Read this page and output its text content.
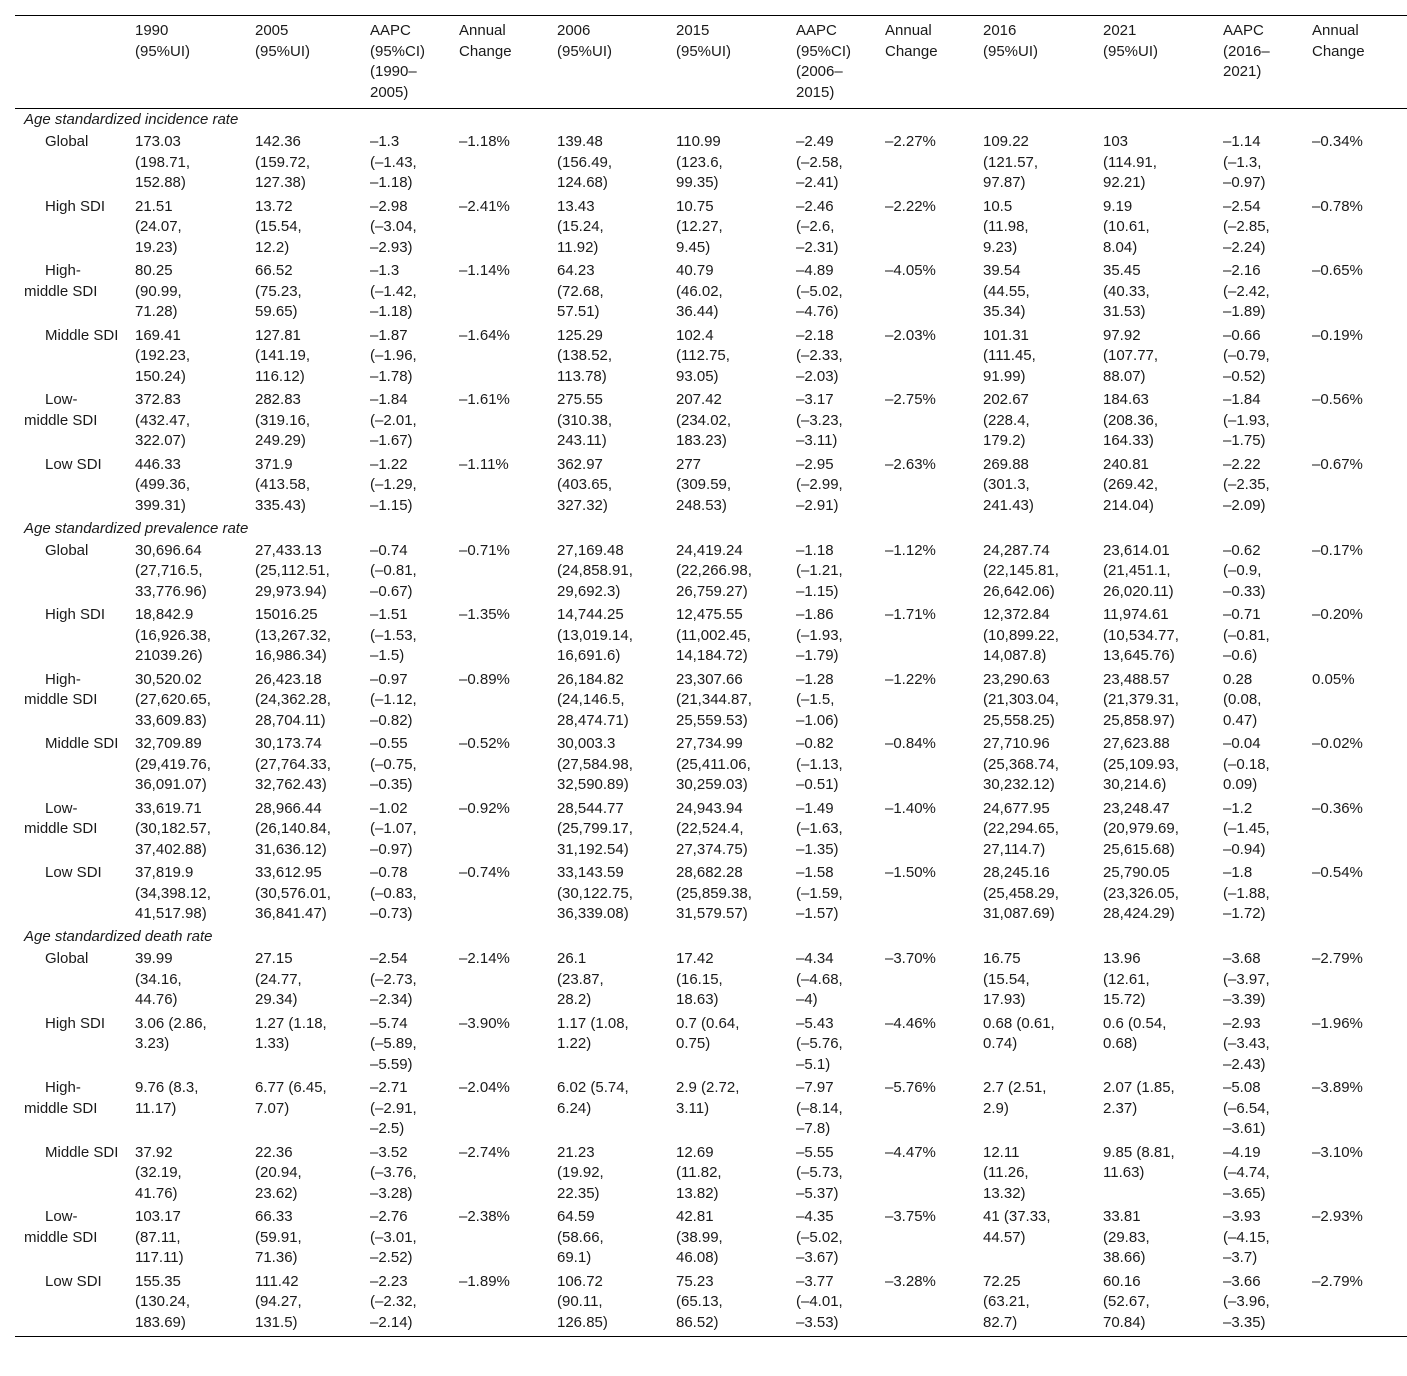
	1990
(95%UI)	2005
(95%UI)	AAPC
(95%CI)
(1990–
2005)	Annual
Change	2006
(95%UI)	2015
(95%UI)	AAPC
(95%CI)
(2006–
2015)	Annual
Change	2016
(95%UI)	2021
(95%UI)	AAPC
(2016–
2021)	Annual
Change
Age standardized incidence rate												
Global	173.03
(198.71,
152.88)	142.36
(159.72,
127.38)	–1.3
(–1.43,
–1.18)	–1.18%	139.48
(156.49,
124.68)	110.99
(123.6,
99.35)	–2.49
(–2.58,
–2.41)	–2.27%	109.22
(121.57,
97.87)	103
(114.91,
92.21)	–1.14
(–1.3,
–0.97)	–0.34%
High SDI	21.51
(24.07,
19.23)	13.72
(15.54,
12.2)	–2.98
(–3.04,
–2.93)	–2.41%	13.43
(15.24,
11.92)	10.75
(12.27,
9.45)	–2.46
(–2.6,
–2.31)	–2.22%	10.5
(11.98,
9.23)	9.19
(10.61,
8.04)	–2.54
(–2.85,
–2.24)	–0.78%
High-middle SDI	80.25
(90.99,
71.28)	66.52
(75.23,
59.65)	–1.3
(–1.42,
–1.18)	–1.14%	64.23
(72.68,
57.51)	40.79
(46.02,
36.44)	–4.89
(–5.02,
–4.76)	–4.05%	39.54
(44.55,
35.34)	35.45
(40.33,
31.53)	–2.16
(–2.42,
–1.89)	–0.65%
Middle SDI	169.41
(192.23,
150.24)	127.81
(141.19,
116.12)	–1.87
(–1.96,
–1.78)	–1.64%	125.29
(138.52,
113.78)	102.4
(112.75,
93.05)	–2.18
(–2.33,
–2.03)	–2.03%	101.31
(111.45,
91.99)	97.92
(107.77,
88.07)	–0.66
(–0.79,
–0.52)	–0.19%
Low-middle SDI	372.83
(432.47,
322.07)	282.83
(319.16,
249.29)	–1.84
(–2.01,
–1.67)	–1.61%	275.55
(310.38,
243.11)	207.42
(234.02,
183.23)	–3.17
(–3.23,
–3.11)	–2.75%	202.67
(228.4,
179.2)	184.63
(208.36,
164.33)	–1.84
(–1.93,
–1.75)	–0.56%
Low SDI	446.33
(499.36,
399.31)	371.9
(413.58,
335.43)	–1.22
(–1.29,
–1.15)	–1.11%	362.97
(403.65,
327.32)	277
(309.59,
248.53)	–2.95
(–2.99,
–2.91)	–2.63%	269.88
(301.3,
241.43)	240.81
(269.42,
214.04)	–2.22
(–2.35,
–2.09)	–0.67%
Age standardized prevalence rate												
Global	30,696.64
(27,716.5,
33,776.96)	27,433.13
(25,112.51,
29,973.94)	–0.74
(–0.81,
–0.67)	–0.71%	27,169.48
(24,858.91,
29,692.3)	24,419.24
(22,266.98,
26,759.27)	–1.18
(–1.21,
–1.15)	–1.12%	24,287.74
(22,145.81,
26,642.06)	23,614.01
(21,451.1,
26,020.11)	–0.62
(–0.9,
–0.33)	–0.17%
High SDI	18,842.9
(16,926.38,
21039.26)	15016.25
(13,267.32,
16,986.34)	–1.51
(–1.53,
–1.5)	–1.35%	14,744.25
(13,019.14,
16,691.6)	12,475.55
(11,002.45,
14,184.72)	–1.86
(–1.93,
–1.79)	–1.71%	12,372.84
(10,899.22,
14,087.8)	11,974.61
(10,534.77,
13,645.76)	–0.71
(–0.81,
–0.6)	–0.20%
High-middle SDI	30,520.02
(27,620.65,
33,609.83)	26,423.18
(24,362.28,
28,704.11)	–0.97
(–1.12,
–0.82)	–0.89%	26,184.82
(24,146.5,
28,474.71)	23,307.66
(21,344.87,
25,559.53)	–1.28
(–1.5,
–1.06)	–1.22%	23,290.63
(21,303.04,
25,558.25)	23,488.57
(21,379.31,
25,858.97)	0.28
(0.08,
0.47)	0.05%
Middle SDI	32,709.89
(29,419.76,
36,091.07)	30,173.74
(27,764.33,
32,762.43)	–0.55
(–0.75,
–0.35)	–0.52%	30,003.3
(27,584.98,
32,590.89)	27,734.99
(25,411.06,
30,259.03)	–0.82
(–1.13,
–0.51)	–0.84%	27,710.96
(25,368.74,
30,232.12)	27,623.88
(25,109.93,
30,214.6)	–0.04
(–0.18,
0.09)	–0.02%
Low-middle SDI	33,619.71
(30,182.57,
37,402.88)	28,966.44
(26,140.84,
31,636.12)	–1.02
(–1.07,
–0.97)	–0.92%	28,544.77
(25,799.17,
31,192.54)	24,943.94
(22,524.4,
27,374.75)	–1.49
(–1.63,
–1.35)	–1.40%	24,677.95
(22,294.65,
27,114.7)	23,248.47
(20,979.69,
25,615.68)	–1.2
(–1.45,
–0.94)	–0.36%
Low SDI	37,819.9
(34,398.12,
41,517.98)	33,612.95
(30,576.01,
36,841.47)	–0.78
(–0.83,
–0.73)	–0.74%	33,143.59
(30,122.75,
36,339.08)	28,682.28
(25,859.38,
31,579.57)	–1.58
(–1.59,
–1.57)	–1.50%	28,245.16
(25,458.29,
31,087.69)	25,790.05
(23,326.05,
28,424.29)	–1.8
(–1.88,
–1.72)	–0.54%
Age standardized death rate												
Global	39.99
(34.16,
44.76)	27.15
(24.77,
29.34)	–2.54
(–2.73,
–2.34)	–2.14%	26.1
(23.87,
28.2)	17.42
(16.15,
18.63)	–4.34
(–4.68,
–4)	–3.70%	16.75
(15.54,
17.93)	13.96
(12.61,
15.72)	–3.68
(–3.97,
–3.39)	–2.79%
High SDI	3.06 (2.86,
3.23)	1.27 (1.18,
1.33)	–5.74
(–5.89,
–5.59)	–3.90%	1.17 (1.08,
1.22)	0.7 (0.64,
0.75)	–5.43
(–5.76,
–5.1)	–4.46%	0.68 (0.61,
0.74)	0.6 (0.54,
0.68)	–2.93
(–3.43,
–2.43)	–1.96%
High-middle SDI	9.76 (8.3,
11.17)	6.77 (6.45,
7.07)	–2.71
(–2.91,
–2.5)	–2.04%	6.02 (5.74,
6.24)	2.9 (2.72,
3.11)	–7.97
(–8.14,
–7.8)	–5.76%	2.7 (2.51,
2.9)	2.07 (1.85,
2.37)	–5.08
(–6.54,
–3.61)	–3.89%
Middle SDI	37.92
(32.19,
41.76)	22.36
(20.94,
23.62)	–3.52
(–3.76,
–3.28)	–2.74%	21.23
(19.92,
22.35)	12.69
(11.82,
13.82)	–5.55
(–5.73,
–5.37)	–4.47%	12.11
(11.26,
13.32)	9.85 (8.81,
11.63)	–4.19
(–4.74,
–3.65)	–3.10%
Low-middle SDI	103.17
(87.11,
117.11)	66.33
(59.91,
71.36)	–2.76
(–3.01,
–2.52)	–2.38%	64.59
(58.66,
69.1)	42.81
(38.99,
46.08)	–4.35
(–5.02,
–3.67)	–3.75%	41 (37.33,
44.57)	33.81
(29.83,
38.66)	–3.93
(–4.15,
–3.7)	–2.93%
Low SDI	155.35
(130.24,
183.69)	111.42
(94.27,
131.5)	–2.23
(–2.32,
–2.14)	–1.89%	106.72
(90.11,
126.85)	75.23
(65.13,
86.52)	–3.77
(–4.01,
–3.53)	–3.28%	72.25
(63.21,
82.7)	60.16
(52.67,
70.84)	–3.66
(–3.96,
–3.35)	–2.79%
